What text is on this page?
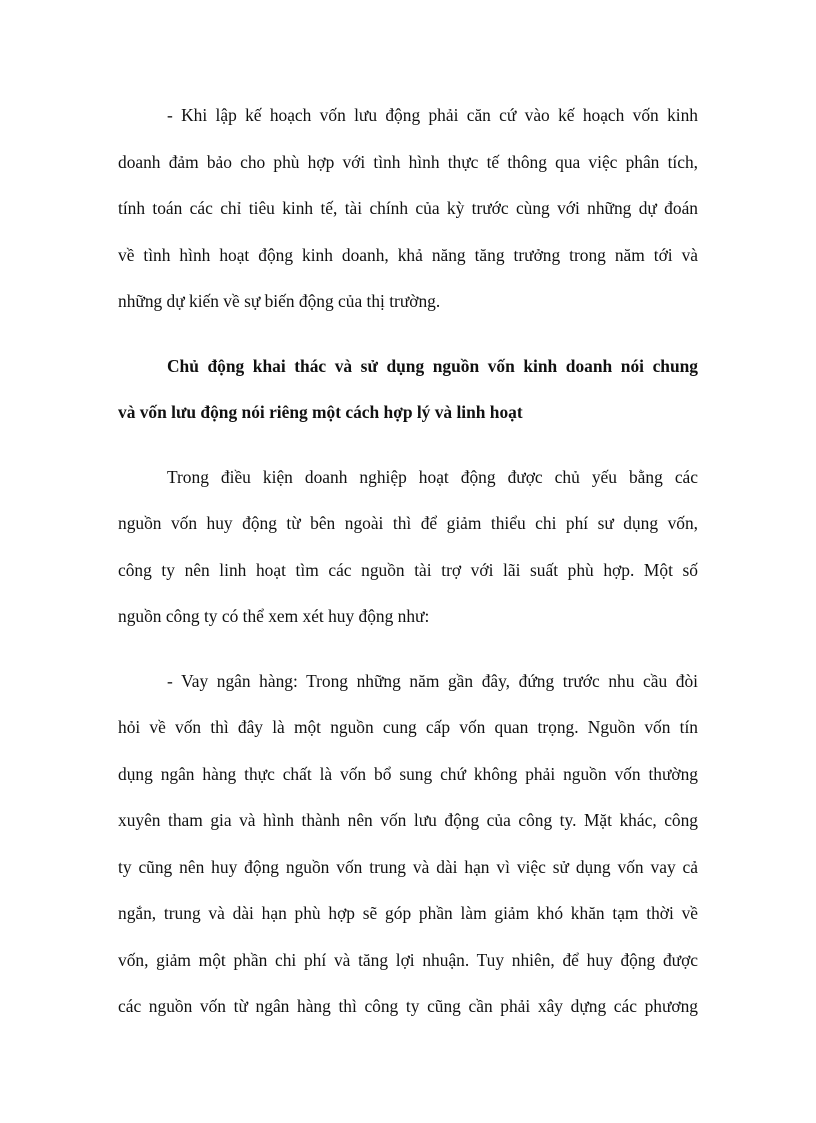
- Khi lập kế hoạch vốn lưu động phải căn cứ vào kế hoạch vốn kinh
doanh đảm bảo cho phù hợp với tình hình thực tế thông qua việc phân tích,
tính toán các chỉ tiêu kinh tế, tài chính của kỳ trước cùng với những dự đoán
về tình hình hoạt động kinh doanh, khả năng tăng trưởng trong năm tới và
những dự kiến về sự biến động của thị trường.
Chủ động khai thác và sử dụng nguồn vốn kinh doanh nói chung
và vốn lưu động nói riêng một cách hợp lý và linh hoạt
Trong điều kiện doanh nghiệp hoạt động được chủ yếu bằng các
nguồn vốn huy động từ bên ngoài thì để giảm thiểu chi phí sư dụng vốn,
công ty nên linh hoạt tìm các nguồn tài trợ với lãi suất phù hợp. Một số
nguồn công ty có thể xem xét huy động như:
- Vay ngân hàng: Trong những năm gần đây, đứng trước nhu cầu đòi
hỏi về vốn thì đây là một nguồn cung cấp vốn quan trọng. Nguồn vốn tín
dụng ngân hàng thực chất là vốn bổ sung chứ không phải nguồn vốn thường
xuyên tham gia và hình thành nên vốn lưu động của công ty. Mặt khác, công
ty cũng nên huy động nguồn vốn trung và dài hạn vì việc sử dụng vốn vay cả
ngắn, trung và dài hạn phù hợp sẽ góp phần làm giảm khó khăn tạm thời về
vốn, giảm một phần chi phí và tăng lợi nhuận. Tuy nhiên, để huy động được
các nguồn vốn từ ngân hàng thì công ty cũng cần phải xây dựng các phương
